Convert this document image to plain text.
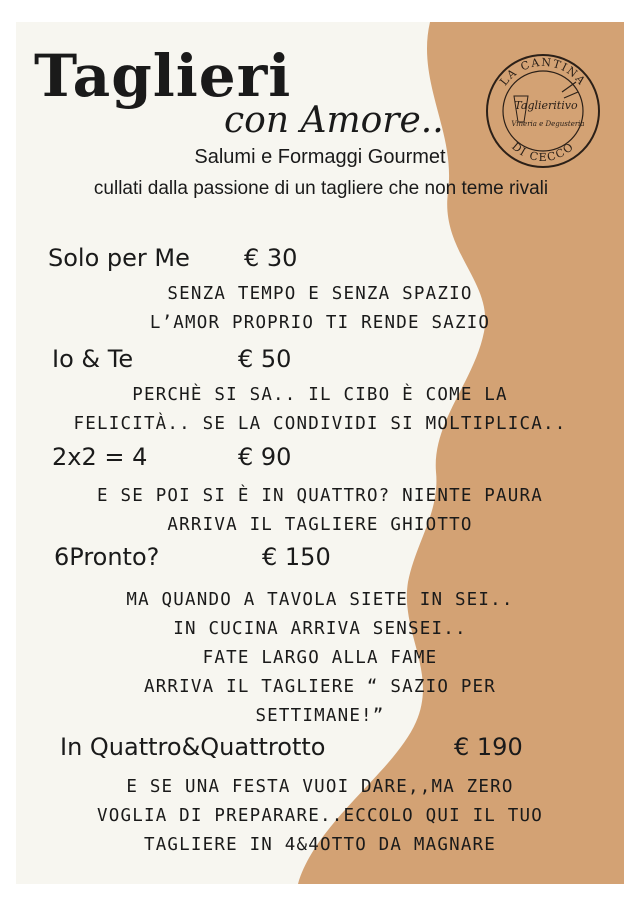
LA CANTINA
DI CECCO
Taglieritivo
Vineria e Degusteria
Taglieri
con Amore..
Salumi e Formaggi Gourmet
cullati dalla passione di un tagliere che non teme rivali
Solo per Me € 30
SENZA TEMPO E SENZA SPAZIO
L’AMOR PROPRIO TI RENDE SAZIO
Io & Te	€ 50
PERCHÈ SI SA.. IL CIBO È COME LA
FELICITÀ.. SE LA CONDIVIDI SI MOLTIPLICA..
2x2 = 4	€ 90
E SE POI SI È IN QUATTRO? NIENTE PAURA
ARRIVA IL TAGLIERE GHIOTTO
6Pronto?	€ 150
MA QUANDO A TAVOLA SIETE IN SEI..
IN CUCINA ARRIVA SENSEI..
FATE LARGO ALLA FAME
ARRIVA IL TAGLIERE “ SAZIO PER
SETTIMANE!”
In Quattro&Quattrotto	€ 190
E SE UNA FESTA VUOI DARE,,MA ZERO
VOGLIA DI PREPARARE..ECCOLO QUI IL TUO
TAGLIERE IN 4&4OTTO DA MAGNARE
